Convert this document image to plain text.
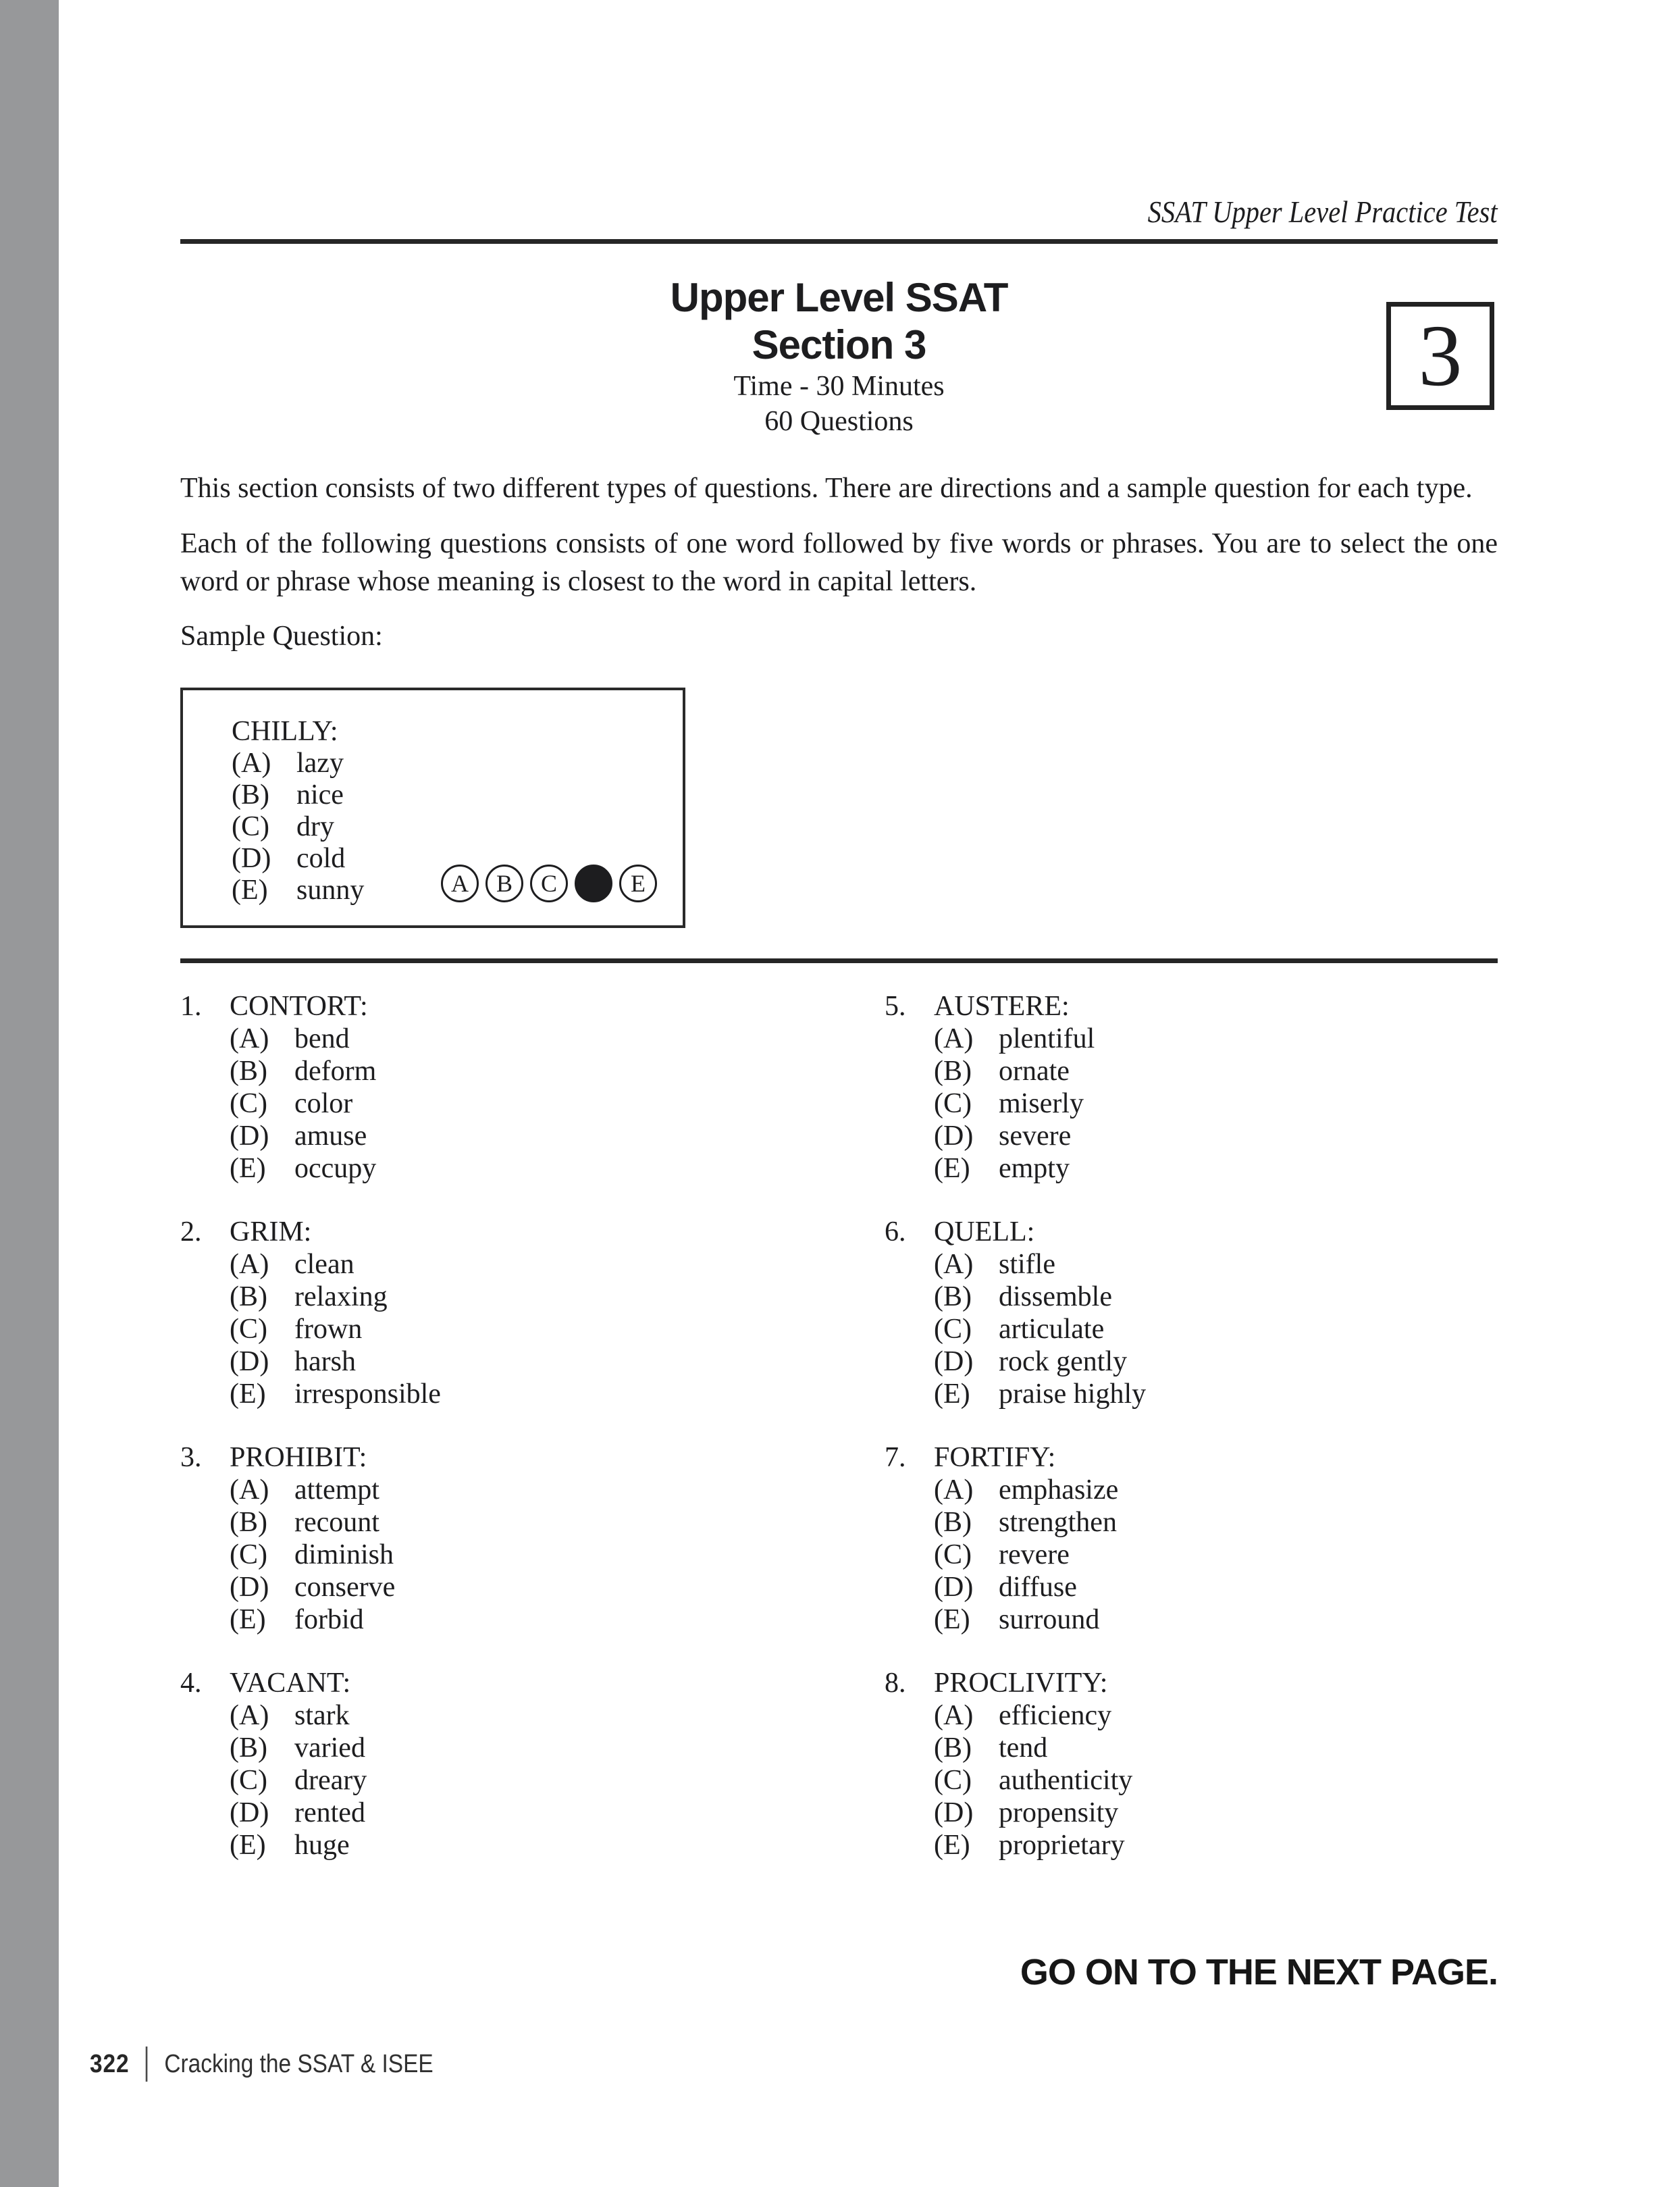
3
SSAT Upper Level Practice Test
Upper Level SSAT
Section 3
Time - 30 Minutes
60 Questions
This section consists of two different types of questions. There are directions and a sample question for each type.
Each of the following questions consists of one word followed by five words or phrases. You are to select the one word or phrase whose meaning is closest to the word in capital letters.
Sample Question:
CHILLY:
(A) lazy
(B) nice
(C) dry
(D) cold
(E)	sunny	A	B	C	E
1. CONTORT:
(A) bend
(B) deform
(C) color
(D) amuse
(E)	occupy
2. GRIM:
(A) clean
(B) relaxing
(C) frown
(D) harsh
(E)	irresponsible
3. PROHIBIT:
(A) attempt
(B) recount
(C) diminish
(D) conserve
(E)	forbid
4. VACANT:
(A) stark
(B) varied
(C) dreary
(D) rented
(E)	huge
5. AUSTERE:
(A) plentiful
(B) ornate
(C) miserly
(D) severe
(E)	empty
6. QUELL:
(A) stifle
(B) dissemble
(C) articulate
(D) rock gently
(E)	praise highly
7. FORTIFY:
(A) emphasize
(B) strengthen
(C) revere
(D) diffuse
(E)	surround
8. PROCLIVITY:
(A) efficiency
(B) tend
(C) authenticity
(D) propensity
(E)	proprietary
GO ON TO THE NEXT PAGE.
322 Cracking the SSAT & ISEE
